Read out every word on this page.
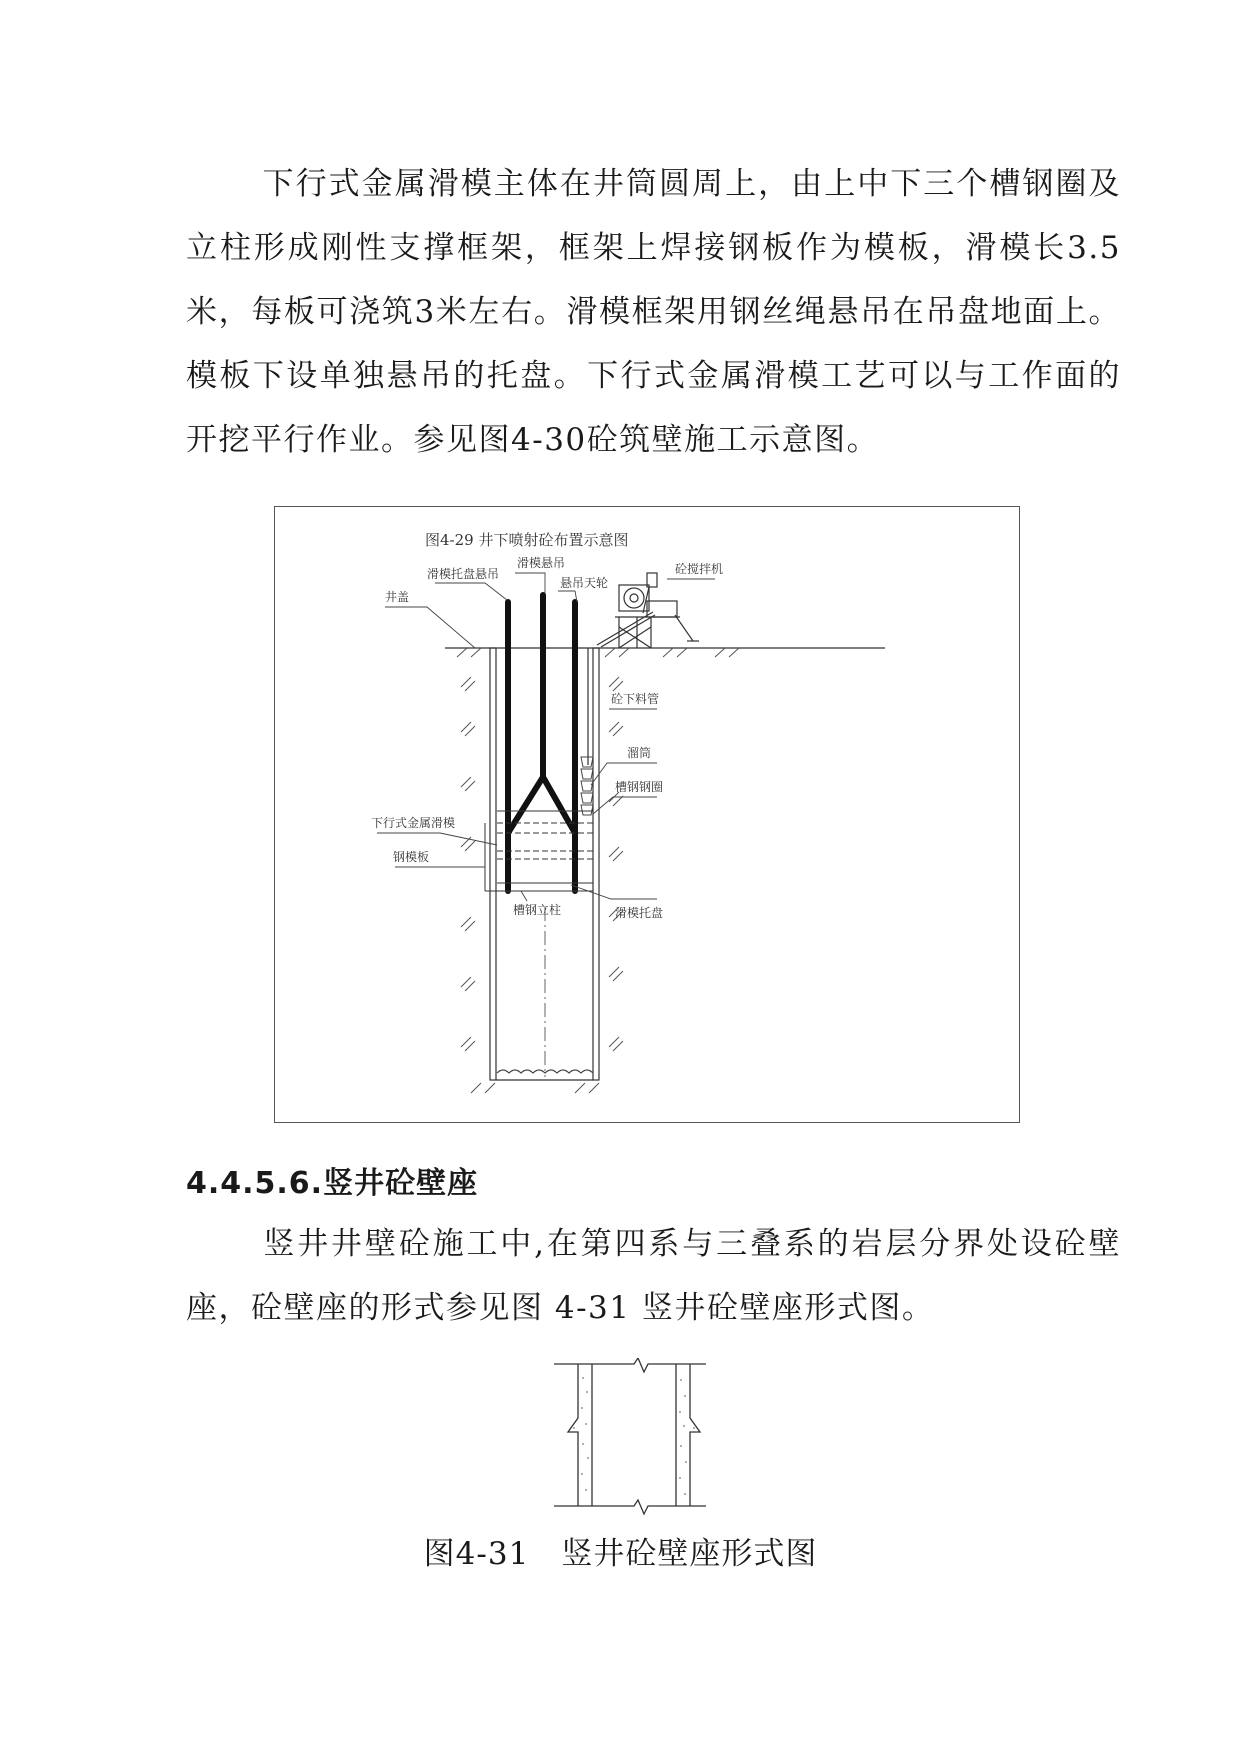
下行式金属滑模主体在井筒圆周上，由上中下三个槽钢圈及立柱形成刚性支撑框架，框架上焊接钢板作为模板，滑模长3.5米，每板可浇筑3米左右。滑模框架用钢丝绳悬吊在吊盘地面上。模板下设单独悬吊的托盘。下行式金属滑模工艺可以与工作面的开挖平行作业。参见图4-30砼筑壁施工示意图。

图4-29 井下喷射砼布置示意图
滑模托盘悬吊
滑模悬吊
悬吊天轮
砼搅拌机
井盖
砼下料管
溜筒
槽钢钢圈
下行式金属滑模
钢模板
槽钢立柱	滑模托盘
4.4.5.6.竖井砼壁座

竖井井壁砼施工中,在第四系与三叠系的岩层分界处设砼壁座，砼壁座的形式参见图 4-31 竖井砼壁座形式图。

图4-31　竖井砼壁座形式图
